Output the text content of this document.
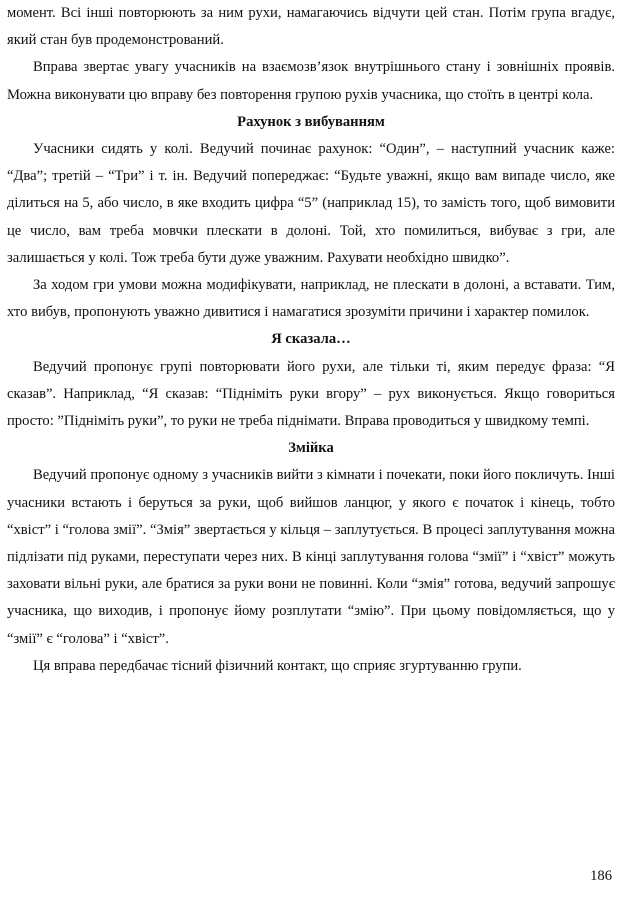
момент. Всі інші повторюють за ним рухи, намагаючись відчути цей стан. Потім група вгадує, який стан був продемонстрований.

Вправа звертає увагу учасників на взаємозв’язок внутрішнього стану і зовнішніх проявів. Можна виконувати цю вправу без повторення групою рухів учасника, що стоїть в центрі кола.

Рахунок з вибуванням

Учасники сидять у колі. Ведучий починає рахунок: “Один”, – наступний учасник каже: “Два”; третій – “Три” і т. ін. Ведучий попереджає: “Будьте уважні, якщо вам випаде число, яке ділиться на 5, або число, в яке входить цифра “5” (наприклад 15), то замість того, щоб вимовити це число, вам треба мовчки плескати в долоні. Той, хто помилиться, вибуває з гри, але залишається у колі. Тож треба бути дуже уважним. Рахувати необхідно швидко”.

За ходом гри умови можна модифікувати, наприклад, не плескати в долоні, а вставати. Тим, хто вибув, пропонують уважно дивитися і намагатися зрозуміти причини і характер помилок.

Я сказала…

Ведучий пропонує групі повторювати його рухи, але тільки ті, яким передує фраза: “Я сказав”. Наприклад, “Я сказав: “Підніміть руки вгору” – рух виконується. Якщо говориться просто: ”Підніміть руки”, то руки не треба піднімати. Вправа проводиться у швидкому темпі.

Змійка

Ведучий пропонує одному з учасників вийти з кімнати і почекати, поки його покличуть. Інші учасники встають і беруться за руки, щоб вийшов ланцюг, у якого є початок і кінець, тобто “хвіст” і “голова змії”. “Змія” звертається у кільця – заплутується. В процесі заплутування можна підлізати під руками, переступати через них. В кінці заплутування голова “змії” і “хвіст” можуть заховати вільні руки, але братися за руки вони не повинні. Коли “змія” готова, ведучий запрошує учасника, що виходив, і пропонує йому розплутати “змію”. При цьому повідомляється, що у “змії” є “голова” і “хвіст”.

Ця вправа передбачає тісний фізичний контакт, що сприяє згуртуванню групи.

186
